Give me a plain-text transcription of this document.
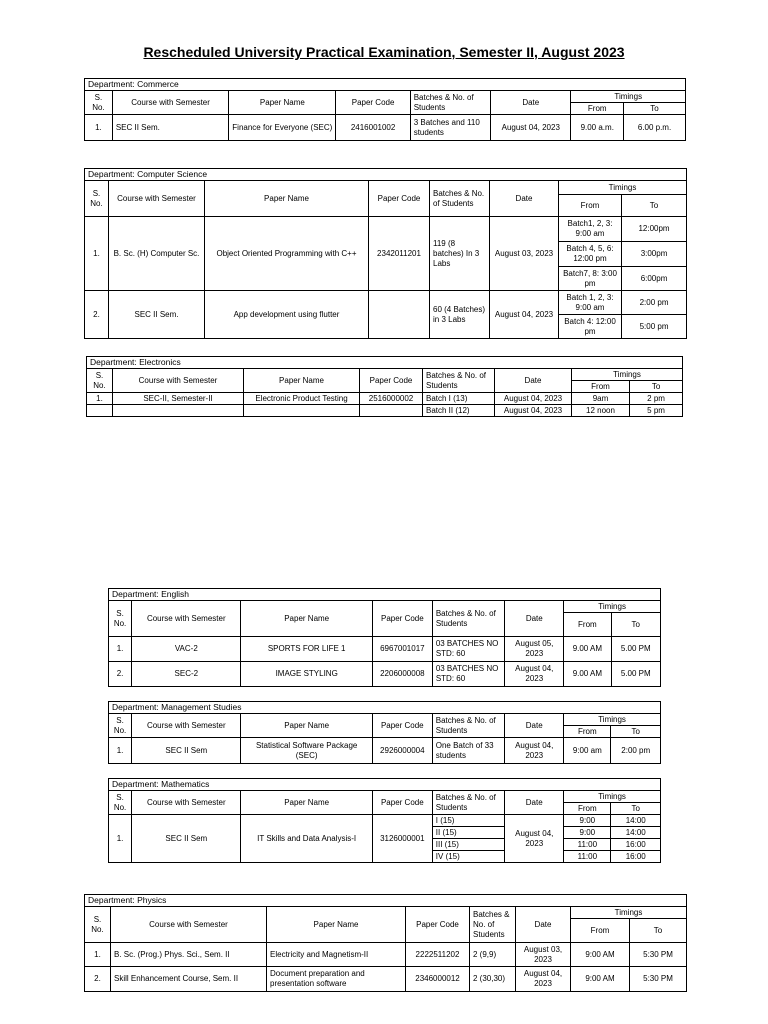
Rescheduled University Practical Examination, Semester II, August 2023
Department: Commerce							
S. No.	Course with Semester	Paper Name	Paper Code	Batches & No. of Students	Date	Timings	
						From	To
1.	SEC II Sem.	Finance for Everyone (SEC)	2416001002	3 Batches and 110 students	August 04, 2023	9.00 a.m.	6.00 p.m.
Department: Computer Science							
S. No.	Course with Semester	Paper Name	Paper Code	Batches & No. of Students	Date	Timings	
						From	To
1.	B. Sc. (H) Computer Sc.	Object Oriented Programming with C++	2342011201	119 (8 batches) In 3 Labs	August 03, 2023	Batch1, 2, 3: 9:00 am	12:00pm
						Batch 4, 5, 6: 12:00 pm	3:00pm
						Batch7, 8: 3:00 pm	6:00pm
2.	SEC II Sem.	App development using flutter		60 (4 Batches) in 3 Labs	August 04, 2023	Batch 1, 2, 3: 9:00 am	2:00 pm
						Batch 4: 12:00 pm	5:00 pm
Department: Electronics							
S. No.	Course with Semester	Paper Name	Paper Code	Batches & No. of Students	Date	Timings	
						From	To
1.	SEC-II, Semester-II	Electronic Product Testing	2516000002	Batch I (13)	August 04, 2023	9am	2 pm
				Batch II (12)	August 04, 2023	12 noon	5 pm
Department: English							
S. No.	Course with Semester	Paper Name	Paper Code	Batches & No. of Students	Date	Timings	
						From	To
1.	VAC-2	SPORTS FOR LIFE 1	6967001017	03 BATCHES NO STD: 60	August 05, 2023	9.00 AM	5.00 PM
2.	SEC-2	IMAGE STYLING	2206000008	03 BATCHES NO STD: 60	August 04, 2023	9.00 AM	5.00 PM
Department: Management Studies							
S. No.	Course with Semester	Paper Name	Paper Code	Batches & No. of Students	Date	Timings	
						From	To
1.	SEC II Sem	Statistical Software Package (SEC)	2926000004	One Batch of 33 students	August 04, 2023	9:00 am	2:00 pm
Department: Mathematics							
S. No.	Course with Semester	Paper Name	Paper Code	Batches & No. of Students	Date	Timings	
						From	To
1.	SEC II Sem	IT Skills and Data Analysis-I	3126000001	I (15)	August 04, 2023	9:00	14:00
				II (15)		9:00	14:00
				III (15)		11:00	16:00
				IV (15)		11:00	16:00
Department: Physics							
S. No.	Course with Semester	Paper Name	Paper Code	Batches & No. of Students	Date	Timings	
						From	To
1.	B. Sc. (Prog.) Phys. Sci., Sem. II	Electricity and Magnetism-II	2222511202	2 (9,9)	August 03, 2023	9:00 AM	5:30 PM
2.	Skill Enhancement Course, Sem. II	Document preparation and presentation software	2346000012	2 (30,30)	August 04, 2023	9:00 AM	5:30 PM
